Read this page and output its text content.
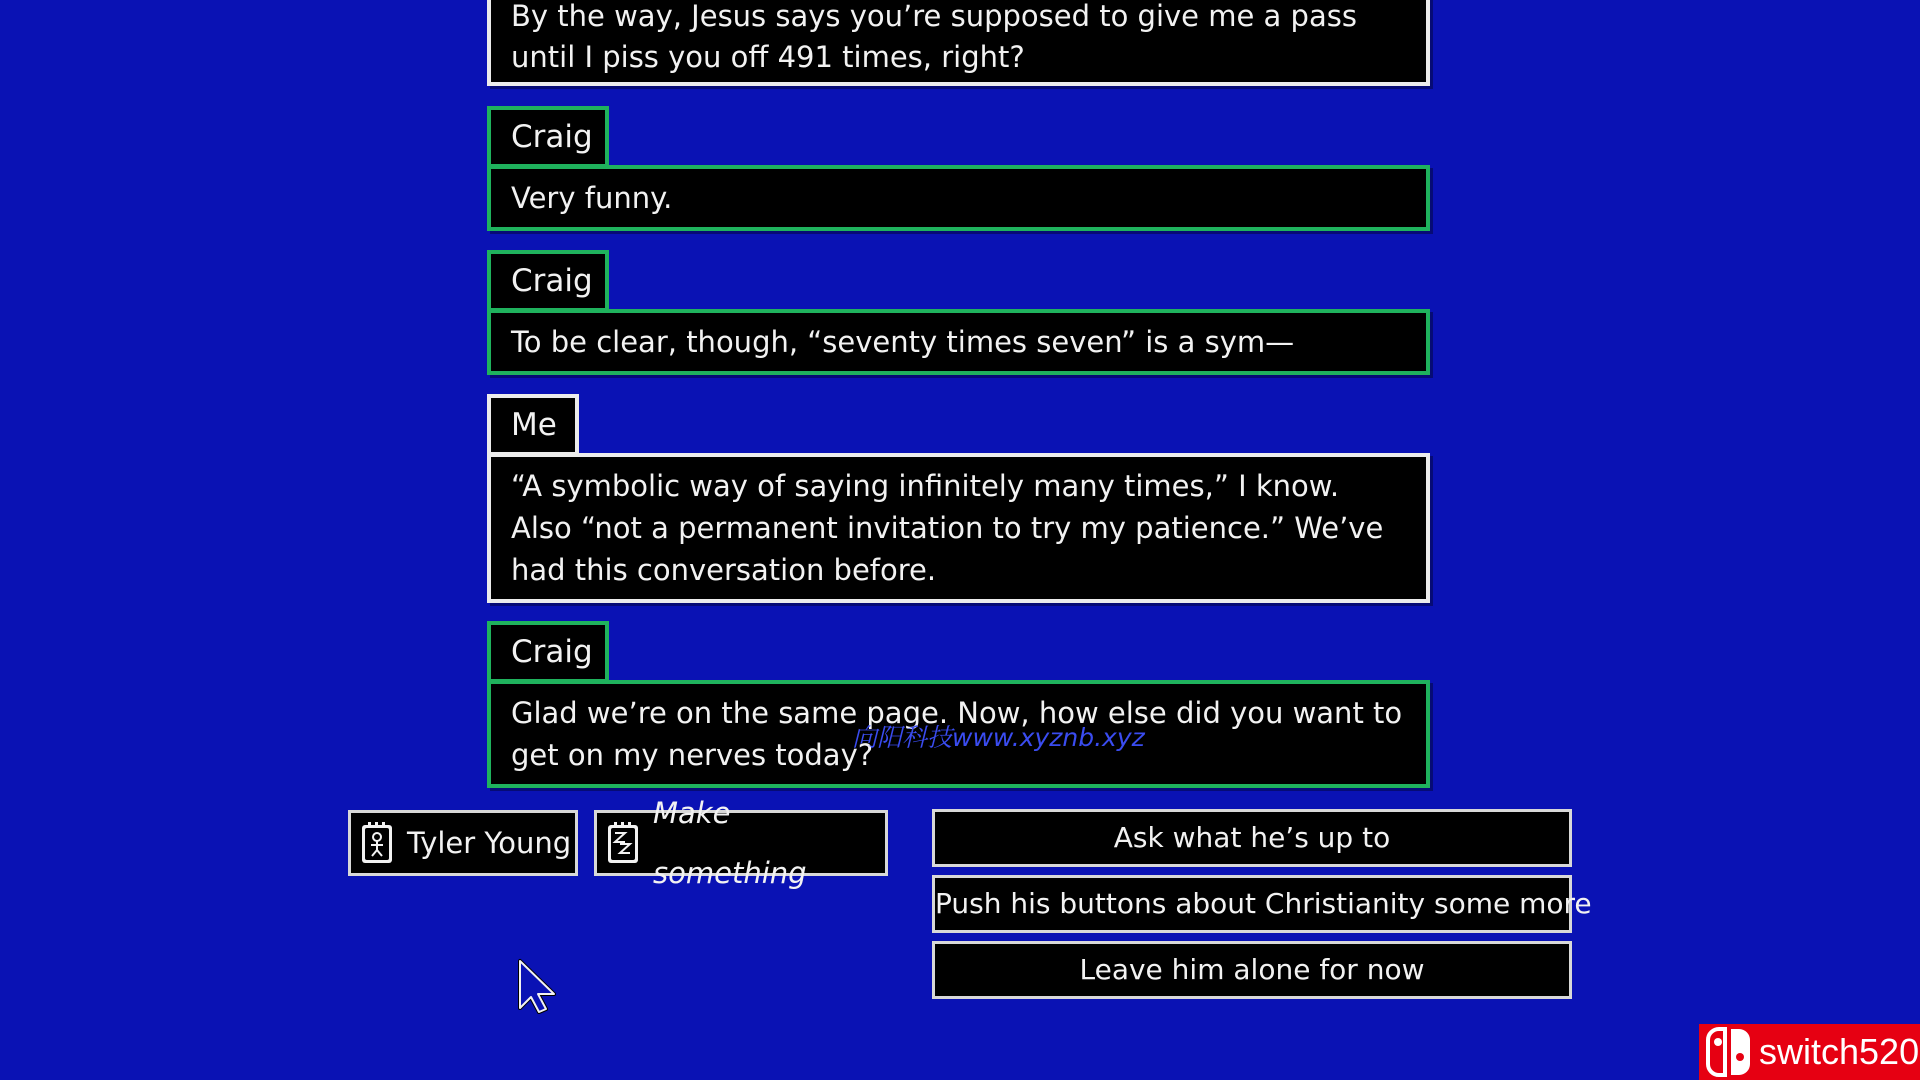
By the way, Jesus says you’re supposed to give me a pass until I piss you off 491 times, right?
Craig
Very funny.
Craig
To be clear, though, “seventy times seven” is a sym—
Me
“A symbolic way of saying infinitely many times,” I know. Also “not a permanent invitation to try my patience.” We’ve had this conversation before.
Craig
Glad we’re on the same page. Now, how else did you want to get on my nerves today?
向阳科技www.xyznb.xyz
Tyler Young
Make something
Ask what he’s up to
Push his buttons about Christianity some more
Leave him alone for now
switch520
